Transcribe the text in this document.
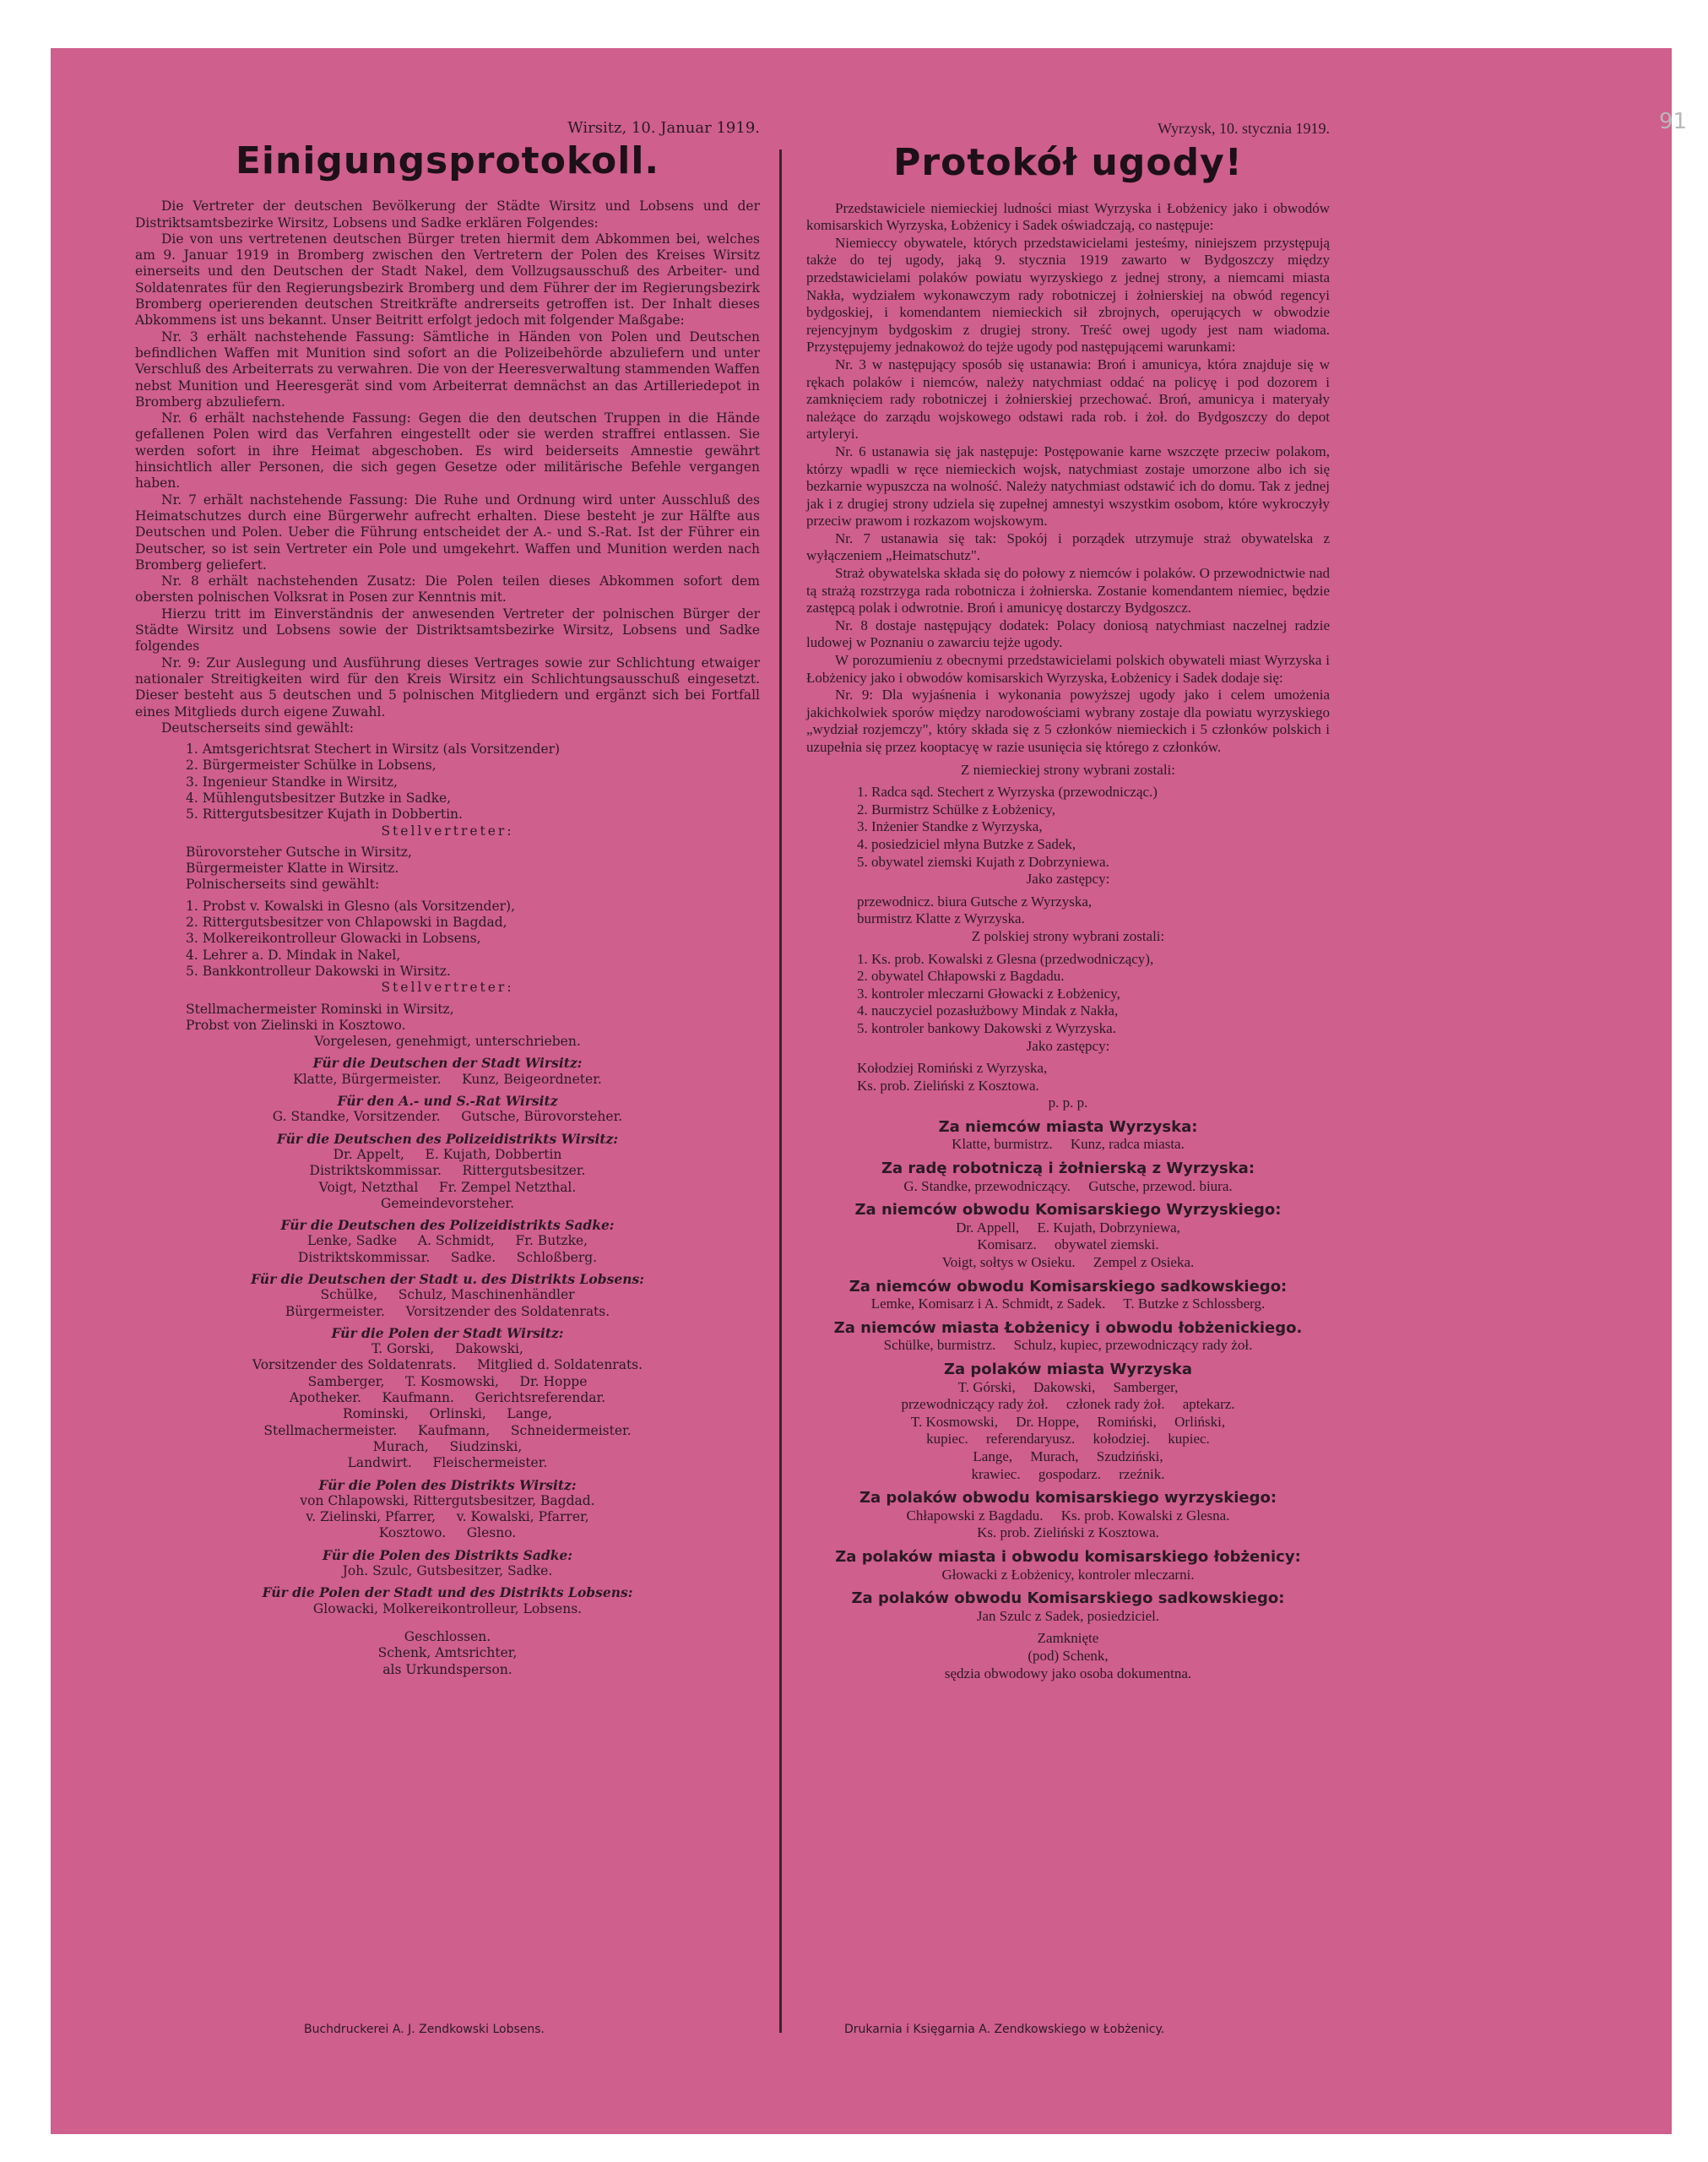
91
Wirsitz, 10. Januar 1919.
Einigungsprotokoll.

Die Vertreter der deutschen Bevölkerung der Städte Wirsitz und Lobsens und der Distriktsamtsbezirke Wirsitz, Lobsens und Sadke erklären Folgendes:

Die von uns vertretenen deutschen Bürger treten hiermit dem Abkommen bei, welches am 9. Januar 1919 in Bromberg zwischen den Vertretern der Polen des Kreises Wirsitz einerseits und den Deutschen der Stadt Nakel, dem Vollzugsausschuß des Arbeiter- und Soldatenrates für den Regierungsbezirk Bromberg und dem Führer der im Regierungsbezirk Bromberg operierenden deutschen Streitkräfte andrerseits getroffen ist. Der Inhalt dieses Abkommens ist uns bekannt. Unser Beitritt erfolgt jedoch mit folgender Maßgabe:

Nr. 3 erhält nachstehende Fassung: Sämtliche in Händen von Polen und Deutschen befindlichen Waffen mit Munition sind sofort an die Polizeibehörde abzuliefern und unter Verschluß des Arbeiterrats zu verwahren. Die von der Heeresverwaltung stammenden Waffen nebst Munition und Heeresgerät sind vom Arbeiterrat demnächst an das Artilleriedepot in Bromberg abzuliefern.

Nr. 6 erhält nachstehende Fassung: Gegen die den deutschen Truppen in die Hände gefallenen Polen wird das Verfahren eingestellt oder sie werden straffrei entlassen. Sie werden sofort in ihre Heimat abgeschoben. Es wird beiderseits Amnestie gewährt hinsichtlich aller Personen, die sich gegen Gesetze oder militärische Befehle vergangen haben.

Nr. 7 erhält nachstehende Fassung: Die Ruhe und Ordnung wird unter Ausschluß des Heimatschutzes durch eine Bürgerwehr aufrecht erhalten. Diese besteht je zur Hälfte aus Deutschen und Polen. Ueber die Führung entscheidet der A.- und S.-Rat. Ist der Führer ein Deutscher, so ist sein Vertreter ein Pole und umgekehrt. Waffen und Munition werden nach Bromberg geliefert.

Nr. 8 erhält nachstehenden Zusatz: Die Polen teilen dieses Abkommen sofort dem obersten polnischen Volksrat in Posen zur Kenntnis mit.

Hierzu tritt im Einverständnis der anwesenden Vertreter der polnischen Bürger der Städte Wirsitz und Lobsens sowie der Distriktsamtsbezirke Wirsitz, Lobsens und Sadke folgendes

Nr. 9: Zur Auslegung und Ausführung dieses Vertrages sowie zur Schlichtung etwaiger nationaler Streitigkeiten wird für den Kreis Wirsitz ein Schlichtungsausschuß eingesetzt. Dieser besteht aus 5 deutschen und 5 polnischen Mitgliedern und ergänzt sich bei Fortfall eines Mitglieds durch eigene Zuwahl.

Deutscherseits sind gewählt:

1. Amtsgerichtsrat Stechert in Wirsitz (als Vorsitzender)
2. Bürgermeister Schülke in Lobsens,
3. Ingenieur Standke in Wirsitz,
4. Mühlengutsbesitzer Butzke in Sadke,
5. Rittergutsbesitzer Kujath in Dobbertin.
Stellvertreter:
Bürovorsteher Gutsche in Wirsitz,
Bürgermeister Klatte in Wirsitz.
Polnischerseits sind gewählt:
1. Probst v. Kowalski in Glesno (als Vorsitzender),
2. Rittergutsbesitzer von Chlapowski in Bagdad,
3. Molkereikontrolleur Glowacki in Lobsens,
4. Lehrer a. D. Mindak in Nakel,
5. Bankkontrolleur Dakowski in Wirsitz.
Stellvertreter:
Stellmachermeister Rominski in Wirsitz,
Probst von Zielinski in Kosztowo.
Vorgelesen, genehmigt, unterschrieben.
Für die Deutschen der Stadt Wirsitz:
Klatte, Bürgermeister.     Kunz, Beigeordneter.
Für den A.- und S.-Rat Wirsitz
G. Standke, Vorsitzender.     Gutsche, Bürovorsteher.
Für die Deutschen des Polizeidistrikts Wirsitz:
Dr. Appelt,     E. Kujath, Dobbertin
Distriktskommissar.     Rittergutsbesitzer.
Voigt, Netzthal     Fr. Zempel Netzthal.
Gemeindevorsteher.
Für die Deutschen des Polizeidistrikts Sadke:
Lenke, Sadke     A. Schmidt,     Fr. Butzke,
Distriktskommissar.     Sadke.     Schloßberg.
Für die Deutschen der Stadt u. des Distrikts Lobsens:
Schülke,     Schulz, Maschinenhändler
Bürgermeister.     Vorsitzender des Soldatenrats.
Für die Polen der Stadt Wirsitz:
T. Gorski,     Dakowski,
Vorsitzender des Soldatenrats.     Mitglied d. Soldatenrats.
Samberger,     T. Kosmowski,     Dr. Hoppe
Apotheker.     Kaufmann.     Gerichtsreferendar.
Rominski,     Orlinski,     Lange,
Stellmachermeister.     Kaufmann,     Schneidermeister.
Murach,     Siudzinski,
Landwirt.     Fleischermeister.
Für die Polen des Distrikts Wirsitz:
von Chlapowski, Rittergutsbesitzer, Bagdad.
v. Zielinski, Pfarrer,     v. Kowalski, Pfarrer,
Kosztowo.     Glesno.
Für die Polen des Distrikts Sadke:
Joh. Szulc, Gutsbesitzer, Sadke.
Für die Polen der Stadt und des Distrikts Lobsens:
Glowacki, Molkereikontrolleur, Lobsens.
Geschlossen.
Schenk, Amtsrichter,
als Urkundsperson.
Wyrzysk, 10. stycznia 1919.
Protokół ugody!

Przedstawiciele niemieckiej ludności miast Wyrzyska i Łobżenicy jako i obwodów komisarskich Wyrzyska, Łobżenicy i Sadek oświadczają, co następuje:

Niemieccy obywatele, których przedstawicielami jesteśmy, niniejszem przystępują także do tej ugody, jaką 9. stycznia 1919 zawarto w Bydgoszczy między przedstawicielami polaków powiatu wyrzyskiego z jednej strony, a niemcami miasta Nakła, wydziałem wykonawczym rady robotniczej i żołnierskiej na obwód regencyi bydgoskiej, i komendantem niemieckich sił zbrojnych, operujących w obwodzie rejencyjnym bydgoskim z drugiej strony. Treść owej ugody jest nam wiadoma. Przystępujemy jednakowoż do tejże ugody pod następującemi warunkami:

Nr. 3 w następujący sposób się ustanawia: Broń i amunicya, która znajduje się w rękach polaków i niemców, należy natychmiast oddać na policyę i pod dozorem i zamknięciem rady robotniczej i żołnierskiej przechować. Broń, amunicya i materyały należące do zarządu wojskowego odstawi rada rob. i żoł. do Bydgoszczy do depot artyleryi.

Nr. 6 ustanawia się jak następuje: Postępowanie karne wszczęte przeciw polakom, którzy wpadli w ręce niemieckich wojsk, natychmiast zostaje umorzone albo ich się bezkarnie wypuszcza na wolność. Należy natychmiast odstawić ich do domu. Tak z jednej jak i z drugiej strony udziela się zupełnej amnestyi wszystkim osobom, które wykroczyły przeciw prawom i rozkazom wojskowym.

Nr. 7 ustanawia się tak: Spokój i porządek utrzymuje straż obywatelska z wyłączeniem „Heimatschutz".

Straż obywatelska składa się do połowy z niemców i polaków. O przewodnictwie nad tą strażą rozstrzyga rada robotnicza i żołnierska. Zostanie komendantem niemiec, będzie zastępcą polak i odwrotnie. Broń i amunicyę dostarczy Bydgoszcz.

Nr. 8 dostaje następujący dodatek: Polacy doniosą natychmiast naczelnej radzie ludowej w Poznaniu o zawarciu tejże ugody.

W porozumieniu z obecnymi przedstawicielami polskich obywateli miast Wyrzyska i Łobżenicy jako i obwodów komisarskich Wyrzyska, Łobżenicy i Sadek dodaje się:

Nr. 9: Dla wyjaśnenia i wykonania powyższej ugody jako i celem umożenia jakichkolwiek sporów między narodowościami wybrany zostaje dla powiatu wyrzyskiego „wydział rozjemczy", który składa się z 5 członków niemieckich i 5 członków polskich i uzupełnia się przez kooptacyę w razie usunięcia się którego z członków.

Z niemieckiej strony wybrani zostali:
1. Radca sąd. Stechert z Wyrzyska (przewodnicząc.)
2. Burmistrz Schülke z Łobżenicy,
3. Inżenier Standke z Wyrzyska,
4. posiedziciel młyna Butzke z Sadek,
5. obywatel ziemski Kujath z Dobrzyniewa.
Jako zastępcy:
przewodnicz. biura Gutsche z Wyrzyska,
burmistrz Klatte z Wyrzyska.
Z polskiej strony wybrani zostali:
1. Ks. prob. Kowalski z Glesna (przedwodniczący),
2. obywatel Chłapowski z Bagdadu.
3. kontroler mleczarni Głowacki z Łobżenicy,
4. nauczyciel pozasłużbowy Mindak z Nakła,
5. kontroler bankowy Dakowski z Wyrzyska.
Jako zastępcy:
Kołodziej Romiński z Wyrzyska,
Ks. prob. Zieliński z Kosztowa.
p. p. p.
Za niemców miasta Wyrzyska:
Klatte, burmistrz.     Kunz, radca miasta.
Za radę robotniczą i żołnierską z Wyrzyska:
G. Standke, przewodniczący.     Gutsche, przewod. biura.
Za niemców obwodu Komisarskiego Wyrzyskiego:
Dr. Appell,     E. Kujath, Dobrzyniewa,
Komisarz.     obywatel ziemski.
Voigt, sołtys w Osieku.     Zempel z Osieka.
Za niemców obwodu Komisarskiego sadkowskiego:
Lemke, Komisarz i A. Schmidt, z Sadek.     T. Butzke z Schlossberg.
Za niemców miasta Łobżenicy i obwodu łobżenickiego.
Schülke, burmistrz.     Schulz, kupiec, przewodniczący rady żoł.
Za polaków miasta Wyrzyska
T. Górski,     Dakowski,     Samberger,
przewodniczący rady żoł.     członek rady żoł.     aptekarz.
T. Kosmowski,     Dr. Hoppe,     Romiński,     Orliński,
kupiec.     referendaryusz.     kołodziej.     kupiec.
Lange,     Murach,     Szudziński,
krawiec.     gospodarz.     rzeźnik.
Za polaków obwodu komisarskiego wyrzyskiego:
Chłapowski z Bagdadu.     Ks. prob. Kowalski z Glesna.
Ks. prob. Zieliński z Kosztowa.
Za polaków miasta i obwodu komisarskiego łobżenicy:
Głowacki z Łobżenicy, kontroler mleczarni.
Za polaków obwodu Komisarskiego sadkowskiego:
Jan Szulc z Sadek, posiedziciel.
Zamknięte
(pod) Schenk,
sędzia obwodowy jako osoba dokumentna.
Buchdruckerei A. J. Zendkowski Lobsens.	Drukarnia i Księgarnia A. Zendkowskiego w Łobżenicy.
